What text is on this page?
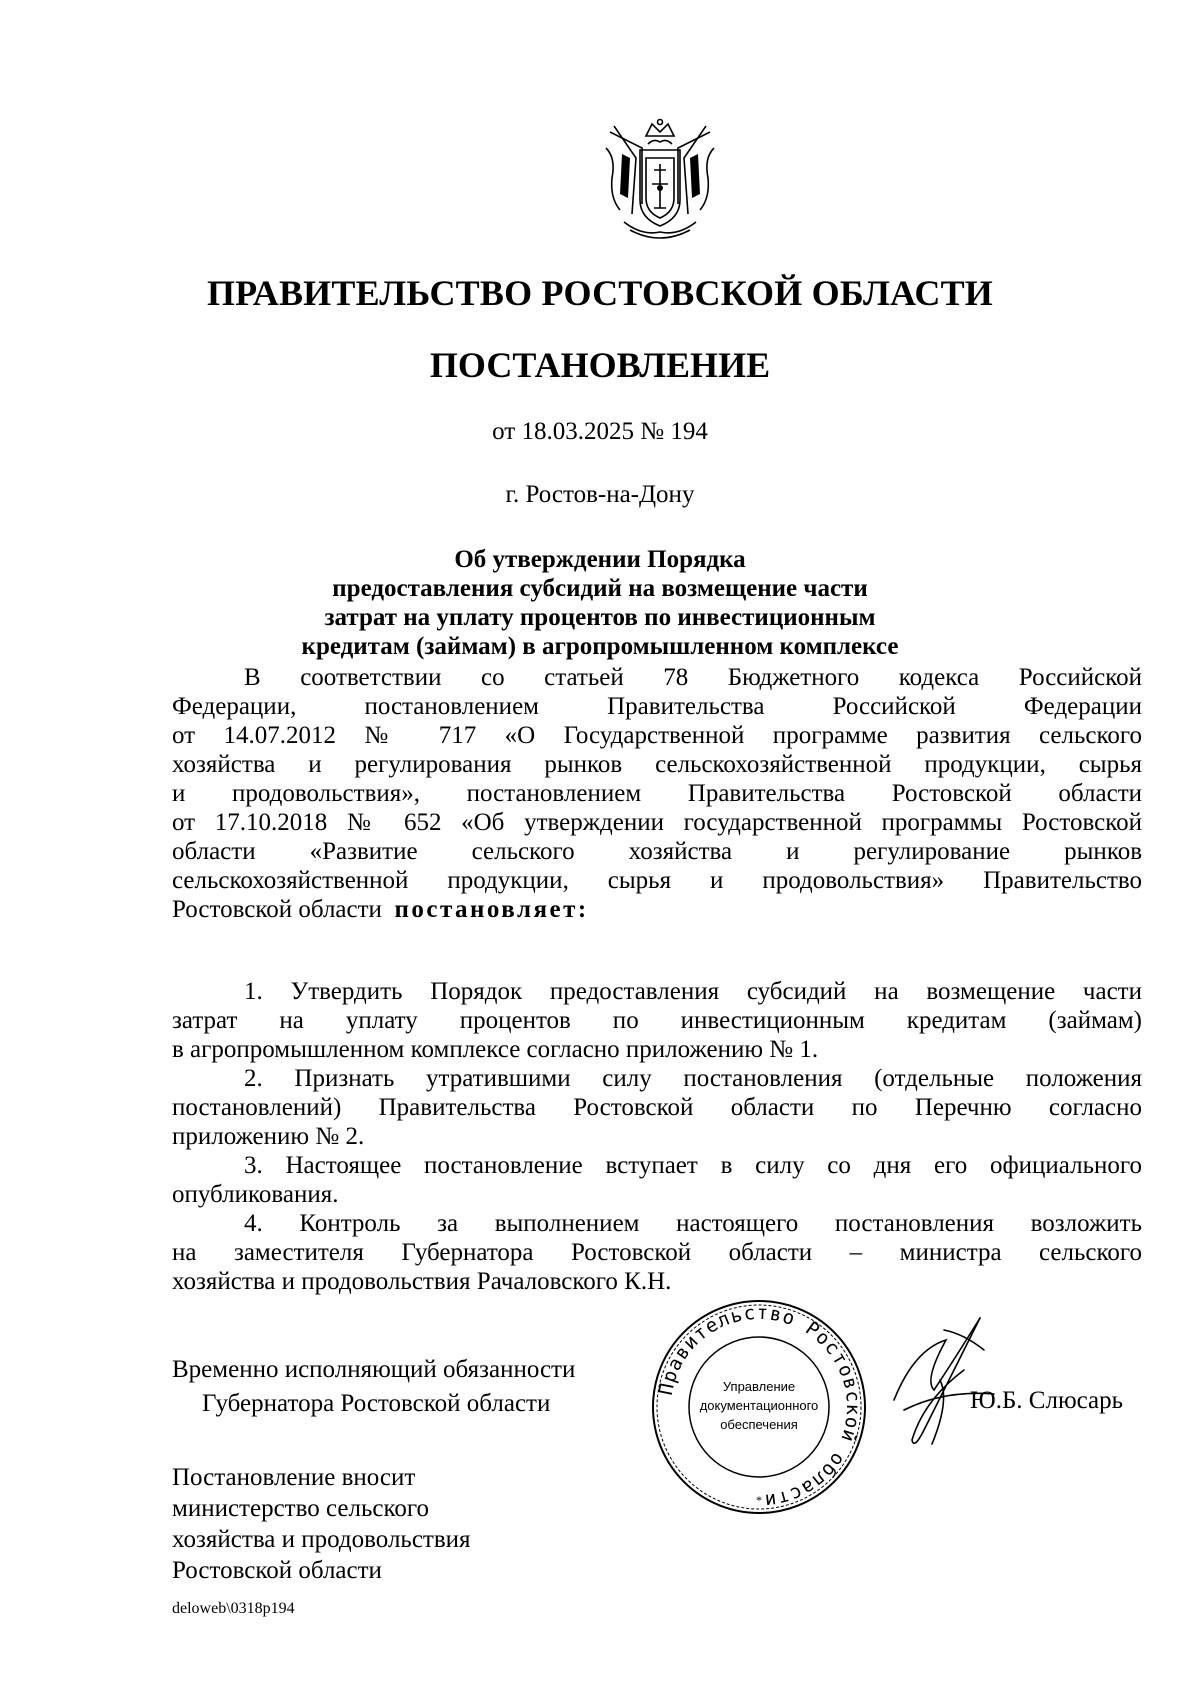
ПРАВИТЕЛЬСТВО РОСТОВСКОЙ ОБЛАСТИ
ПОСТАНОВЛЕНИЕ
от 18.03.2025 № 194
г. Ростов-на-Дону
Об утверждении Порядка
предоставления субсидий на возмещение части
затрат на уплату процентов по инвестиционным
кредитам (займам) в агропромышленном комплексе
В соответствии со статьей 78 Бюджетного кодекса Российской
Федерации, постановлением Правительства Российской Федерации
от 14.07.2012 № 717 «О Государственной программе развития сельского
хозяйства и регулирования рынков сельскохозяйственной продукции, сырья
и продовольствия», постановлением Правительства Ростовской области
от 17.10.2018 № 652 «Об утверждении государственной программы Ростовской
области «Развитие сельского хозяйства и регулирование рынков
сельскохозяйственной продукции, сырья и продовольствия» Правительство
Ростовской области постановляет:
1. Утвердить Порядок предоставления субсидий на возмещение части
затрат на уплату процентов по инвестиционным кредитам (займам)
в агропромышленном комплексе согласно приложению № 1.
2. Признать утратившими силу постановления (отдельные положения
постановлений) Правительства Ростовской области по Перечню согласно
приложению № 2.
3. Настоящее постановление вступает в силу со дня его официального
опубликования.
4. Контроль за выполнением настоящего постановления возложить
на заместителя Губернатора Ростовской области – министра сельского
хозяйства и продовольствия Рачаловского К.Н.
Временно исполняющий обязанности
Губернатора Ростовской области
Правительство Ростовской области
Управление
документационного
обеспечения
*
Ю.Б. Слюсарь
Постановление вносит
министерство сельского
хозяйства и продовольствия
Ростовской области
deloweb\0318p194
